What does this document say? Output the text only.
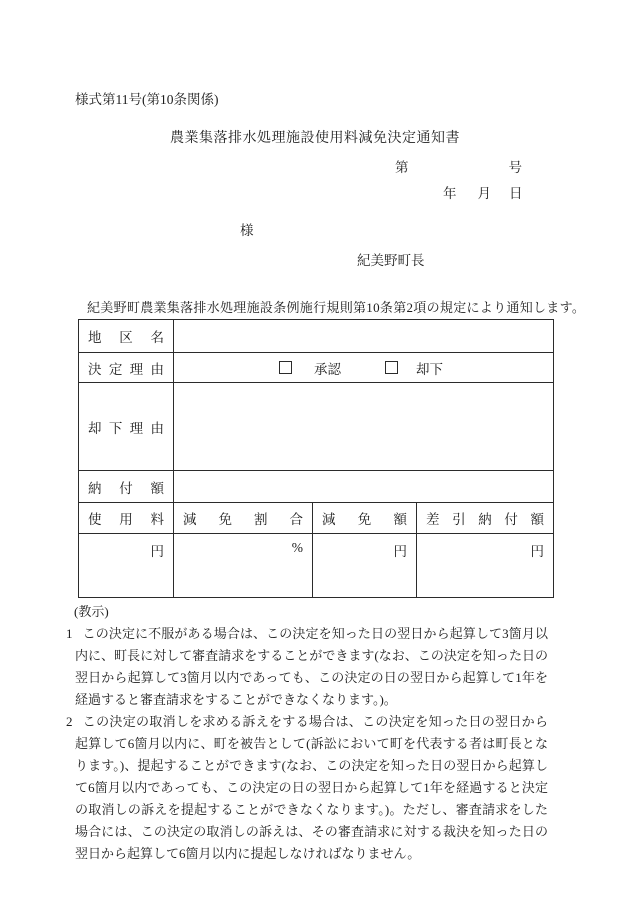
様式第11号(第10条関係)
農業集落排水処理施設使用料減免決定通知書
第	号
年 月 日
様
紀美野町長
紀美野町農業集落排水処理施設条例施行規則第10条第2項の規定により通知します。
地区名
決定理由	承認	却下
却下理由
納付額
使用料 減免割合 減免額 差引納付額
円	%	円	円
(教示)
1 この決定に不服がある場合は、この決定を知った日の翌日から起算して3箇月以内に、町長に対して審査請求をすることができます(なお、この決定を知った日の翌日から起算して3箇月以内であっても、この決定の日の翌日から起算して1年を経過すると審査請求をすることができなくなります。)。
2 この決定の取消しを求める訴えをする場合は、この決定を知った日の翌日から起算して6箇月以内に、町を被告として(訴訟において町を代表する者は町長となります。)、提起することができます(なお、この決定を知った日の翌日から起算して6箇月以内であっても、この決定の日の翌日から起算して1年を経過すると決定の取消しの訴えを提起することができなくなります。)。ただし、審査請求をした場合には、この決定の取消しの訴えは、その審査請求に対する裁決を知った日の翌日から起算して6箇月以内に提起しなければなりません。
